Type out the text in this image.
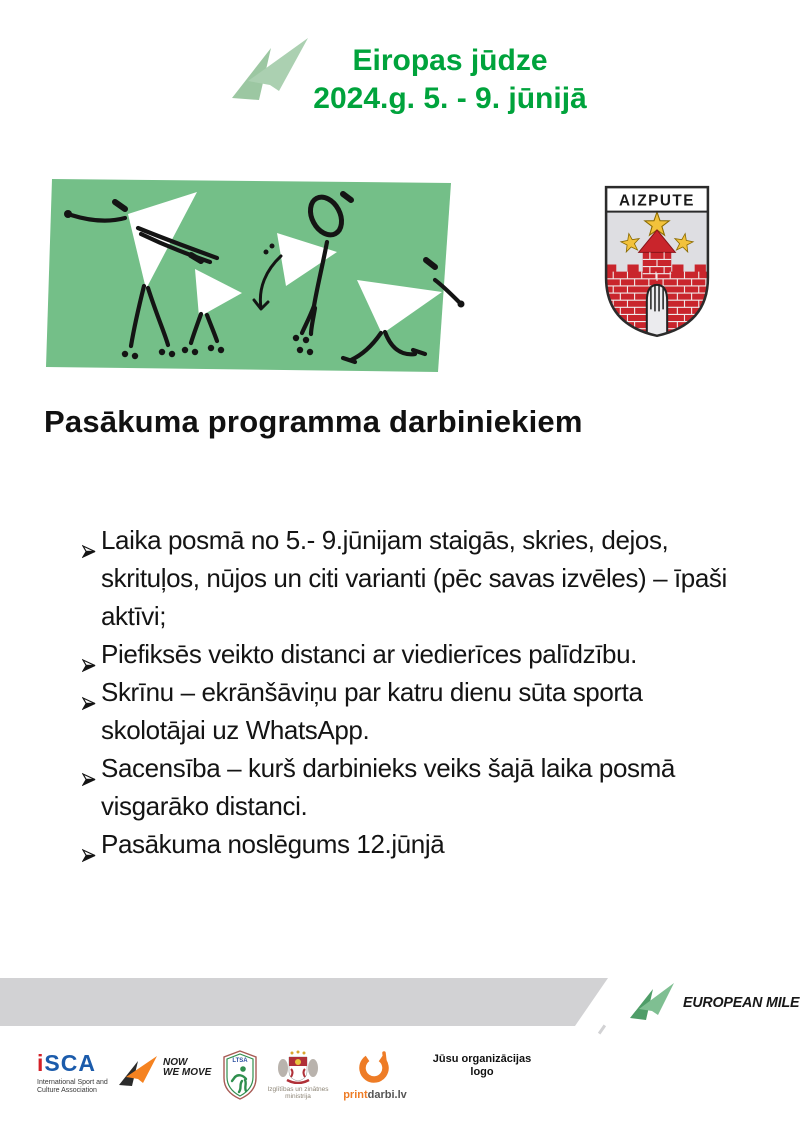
Eiropas jūdze
2024.g. 5. - 9. jūnijā
AIZPUTE
Pasākuma programma darbiniekiem
Laika posmā no 5.- 9.jūnijam staigās, skries, dejos, skrituļos, nūjos un citi varianti (pēc savas izvēles) – īpaši aktīvi;
Piefiksēs veikto distanci ar viedierīces palīdzību.
Skrīnu – ekrānšāviņu par katru dienu sūta sporta skolotājai uz WhatsApp.
Sacensība – kurš darbinieks veiks šajā laika posmā visgarāko distanci.
Pasākuma noslēgums 12.jūnjā
EUROPEAN MILE
iSCA
International Sport and
Culture Association
NOW
WE MOVE
LTSA
Izglītības un zinātnes
ministrija	printdarbi.lv
Jūsu organizācijas
logo
